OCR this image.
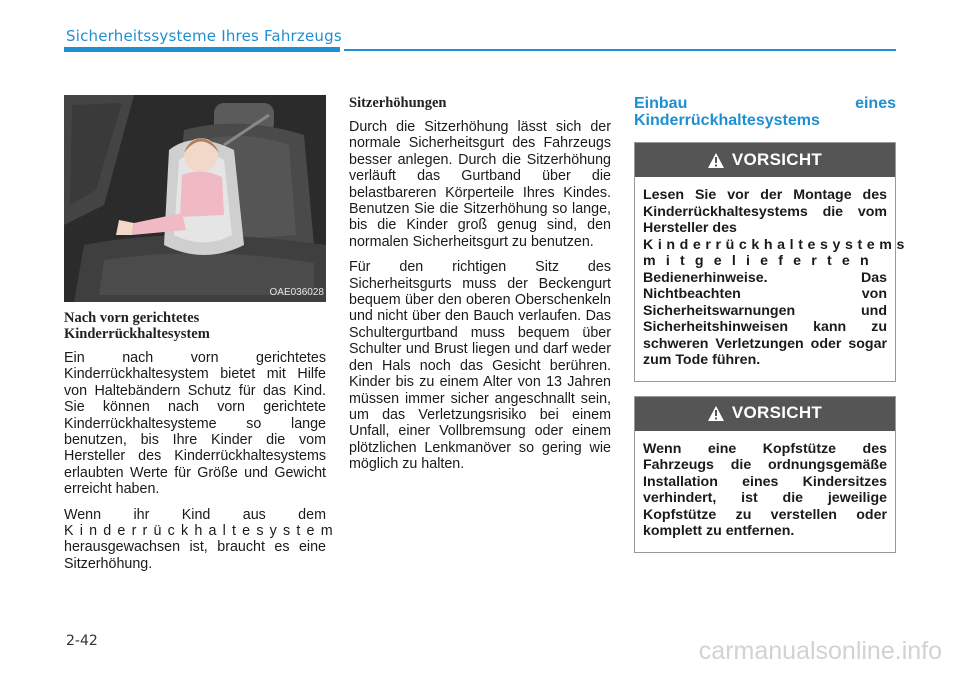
Sicherheitssysteme Ihres Fahrzeugs
OAE036028
Nach vorn gerichtetes Kinderrückhaltesystem

Ein nach vorn gerichtetes Kinderrückhaltesystem bietet mit Hilfe von Haltebändern Schutz für das Kind. Sie können nach vorn gerichtete Kinderrückhaltesysteme so lange benutzen, bis Ihre Kinder die vom Hersteller des Kinderrückhaltesystems erlaubten Werte für Größe und Gewicht erreicht haben.

Wenn ihr Kind aus dem
Kinderrückhaltesystem
herausgewachsen ist, braucht es eine Sitzerhöhung.

Sitzerhöhungen

Durch die Sitzerhöhung lässt sich der normale Sicherheitsgurt des Fahrzeugs besser anlegen. Durch die Sitzerhöhung verläuft das Gurtband über die belastbareren Körperteile Ihres Kindes. Benutzen Sie die Sitzerhöhung so lange, bis die Kinder groß genug sind, den normalen Sicherheitsgurt zu benutzen.

Für den richtigen Sitz des Sicherheitsgurts muss der Beckengurt bequem über den oberen Oberschenkeln und nicht über den Bauch verlaufen. Das Schultergurtband muss bequem über Schulter und Brust liegen und darf weder den Hals noch das Gesicht berühren. Kinder bis zu einem Alter von 13 Jahren müssen immer sicher angeschnallt sein, um das Verletzungsrisiko bei einem Unfall, einer Vollbremsung oder einem plötzlichen Lenkmanöver so gering wie möglich zu halten.

Einbau eines Kinderrückhaltesystems
VORSICHT
Lesen Sie vor der Montage des Kinderrückhaltesystems die vom Hersteller des
Kinderrückhaltesystems
mitgelieferten
Bedienerhinweise. Das Nichtbeachten von Sicherheitswarnungen und Sicherheitshinweisen kann zu schweren Verletzungen oder sogar zum Tode führen.
VORSICHT
Wenn eine Kopfstütze des Fahrzeugs die ordnungsgemäße Installation eines Kindersitzes verhindert, ist die jeweilige Kopfstütze zu verstellen oder komplett zu entfernen.
2-42	carmanualsonline.info
